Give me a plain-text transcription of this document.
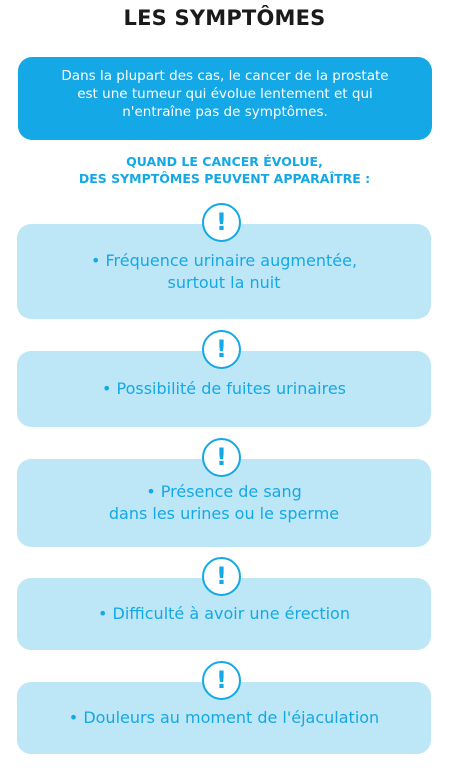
LES SYMPTÔMES
Dans la plupart des cas, le cancer de la prostate
est une tumeur qui évolue lentement et qui
n'entraîne pas de symptômes.
QUAND LE CANCER ÉVOLUE,
DES SYMPTÔMES PEUVENT APPARAÎTRE :
!
• Fréquence urinaire augmentée,
surtout la nuit
!
• Possibilité de fuites urinaires
!
• Présence de sang
dans les urines ou le sperme
!
• Difficulté à avoir une érection
!
• Douleurs au moment de l'éjaculation
